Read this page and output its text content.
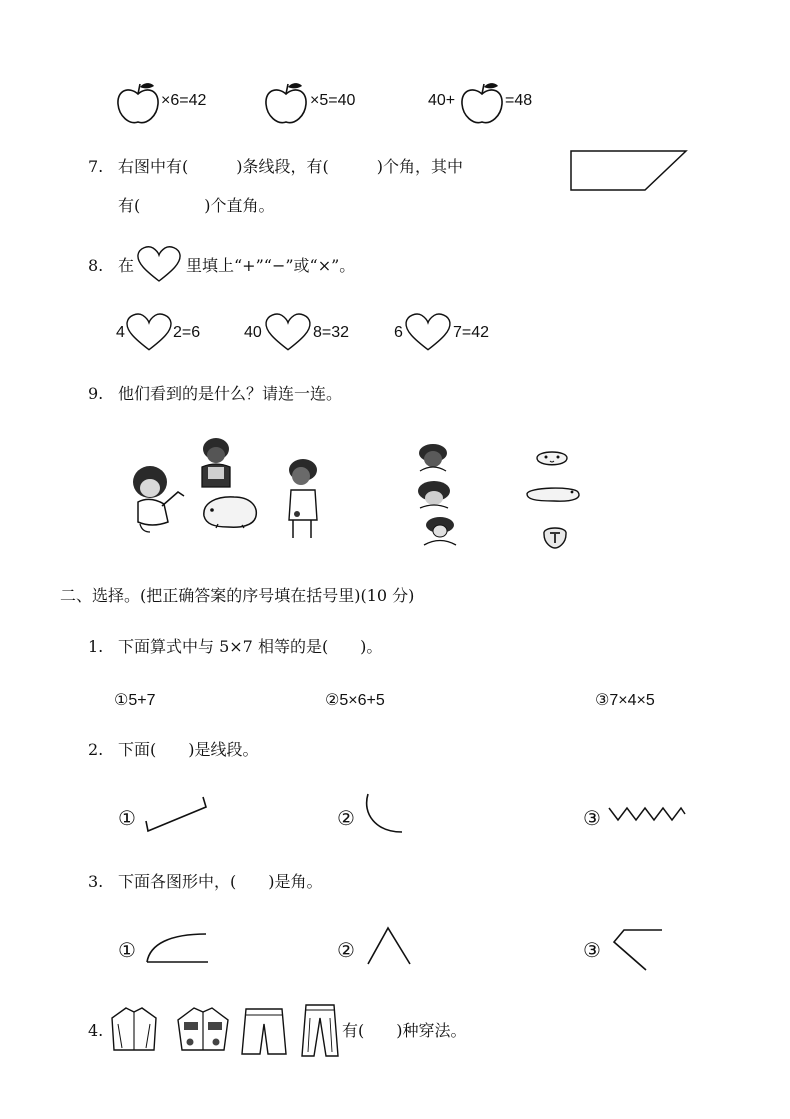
×6=42	×5=40	40+	=48
7. 右图中有(　　　)条线段，有(　　　)个角，其中
有(　　　　)个直角。
8. 在	里填上“+”“−”或“×”。
4	2=6	40	8=32	6	7=42
9. 他们看到的是什么？请连一连。
二、选择。(把正确答案的序号填在括号里)(10 分)
1. 下面算式中与 5×7 相等的是(　　)。
①5+7	②5×6+5	③7×4×5
2. 下面(　　)是线段。
①	②	③
3. 下面各图形中，(　　)是角。
①	②	③
4.	有(　　)种穿法。
